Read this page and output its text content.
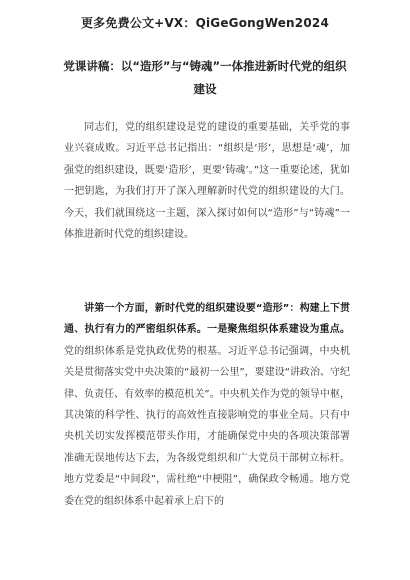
更多免费公文+VX：QiGeGongWen2024
党课讲稿：以“造形”与“铸魂”一体推进新时代党的组织建设
同志们，党的组织建设是党的建设的重要基础，关乎党的事业兴衰成败。习近平总书记指出：“组织是‘形’，思想是‘魂’，加强党的组织建设，既要‘造形’，更要‘铸魂’。”这一重要论述，犹如一把钥匙，为我们打开了深入理解新时代党的组织建设的大门。今天，我们就围绕这一主题，深入探讨如何以“造形”与“铸魂”一体推进新时代党的组织建设。
讲第一个方面，新时代党的组织建设要“造形”：构建上下贯通、执行有力的严密组织体系。一是聚焦组织体系建设为重点。党的组织体系是党执政优势的根基。习近平总书记强调，中央机关是贯彻落实党中央决策的“最初一公里”，要建设“讲政治、守纪律、负责任、有效率的模范机关”。中央机关作为党的领导中枢，其决策的科学性、执行的高效性直接影响党的事业全局。只有中央机关切实发挥模范带头作用，才能确保党中央的各项决策部署准确无误地传达下去，为各级党组织和广大党员干部树立标杆。地方党委是“中间段”，需杜绝“中梗阻”，确保政令畅通。地方党委在党的组织体系中起着承上启下的
